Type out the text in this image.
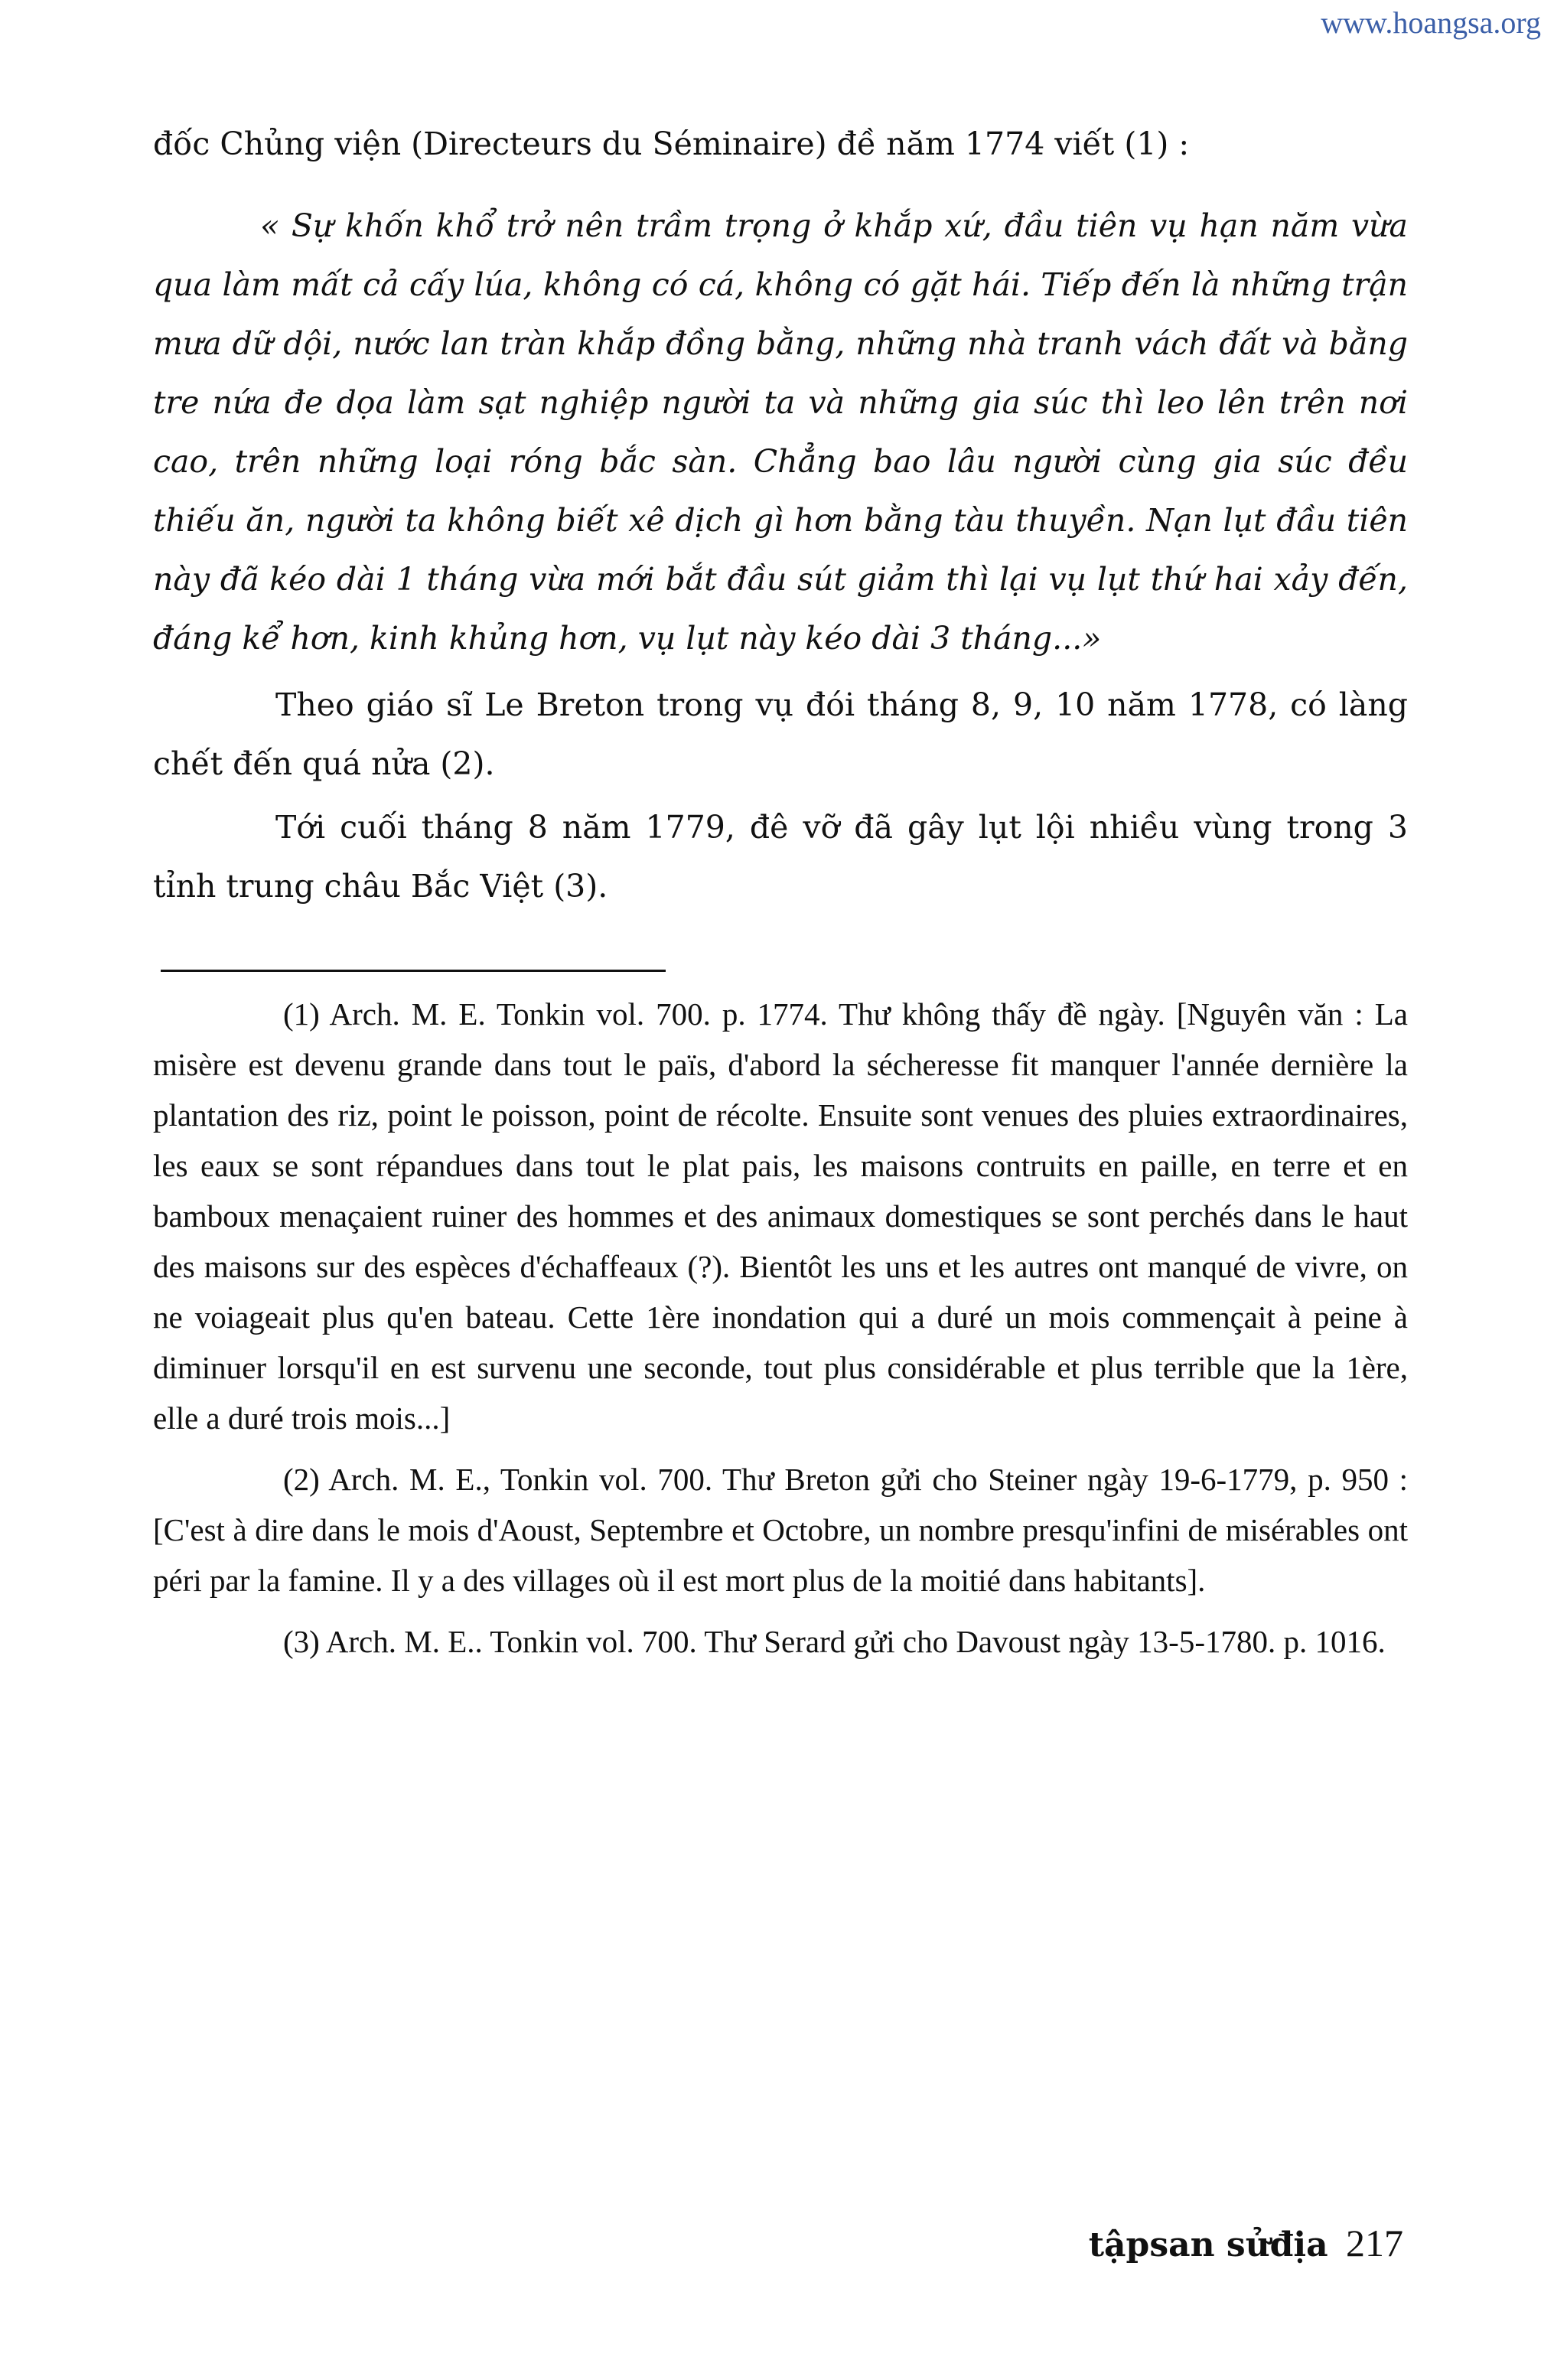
www.hoangsa.org

đốc Chủng viện (Directeurs du Séminaire) đề năm 1774 viết (1) :

« Sự khốn khổ trở nên trầm trọng ở khắp xứ, đầu tiên vụ hạn năm vừa qua làm mất cả cấy lúa, không có cá, không có gặt hái. Tiếp đến là những trận mưa dữ dội, nước lan tràn khắp đồng bằng, những nhà tranh vách đất và bằng tre nứa đe dọa làm sạt nghiệp người ta và những gia súc thì leo lên trên nơi cao, trên những loại róng bắc sàn. Chẳng bao lâu người cùng gia súc đều thiếu ăn, người ta không biết xê dịch gì hơn bằng tàu thuyền. Nạn lụt đầu tiên này đã kéo dài 1 tháng vừa mới bắt đầu sút giảm thì lại vụ lụt thứ hai xảy đến, đáng kể hơn, kinh khủng hơn, vụ lụt này kéo dài 3 tháng...»

Theo giáo sĩ Le Breton trong vụ đói tháng 8, 9, 10 năm 1778, có làng chết đến quá nửa (2).

Tới cuối tháng 8 năm 1779, đê vỡ đã gây lụt lội nhiều vùng trong 3 tỉnh trung châu Bắc Việt (3).

(1) Arch. M. E. Tonkin vol. 700. p. 1774. Thư không thấy đề ngày. [Nguyên văn : La misère est devenu grande dans tout le païs, d'abord la sécheresse fit manquer l'année dernière la plantation des riz, point le poisson, point de récolte. Ensuite sont venues des pluies extraordinaires, les eaux se sont répandues dans tout le plat pais, les maisons contruits en paille, en terre et en bamboux menaçaient ruiner des hommes et des animaux domestiques se sont perchés dans le haut des maisons sur des espèces d'échaffeaux (?). Bientôt les uns et les autres ont manqué de vivre, on ne voiageait plus qu'en bateau. Cette 1ère inondation qui a duré un mois commençait à peine à diminuer lorsqu'il en est survenu une seconde, tout plus considérable et plus terrible que la 1ère, elle a duré trois mois...]

(2) Arch. M. E., Tonkin vol. 700. Thư Breton gửi cho Steiner ngày 19-6-1779, p. 950 : [C'est à dire dans le mois d'Aoust, Septembre et Octobre, un nombre presqu'infini de misérables ont péri par la famine. Il y a des villages où il est mort plus de la moitié dans habitants].

(3) Arch. M. E.. Tonkin vol. 700. Thư Serard gửi cho Davoust ngày 13-5-1780. p. 1016.

tậpsan sửđịa 217
